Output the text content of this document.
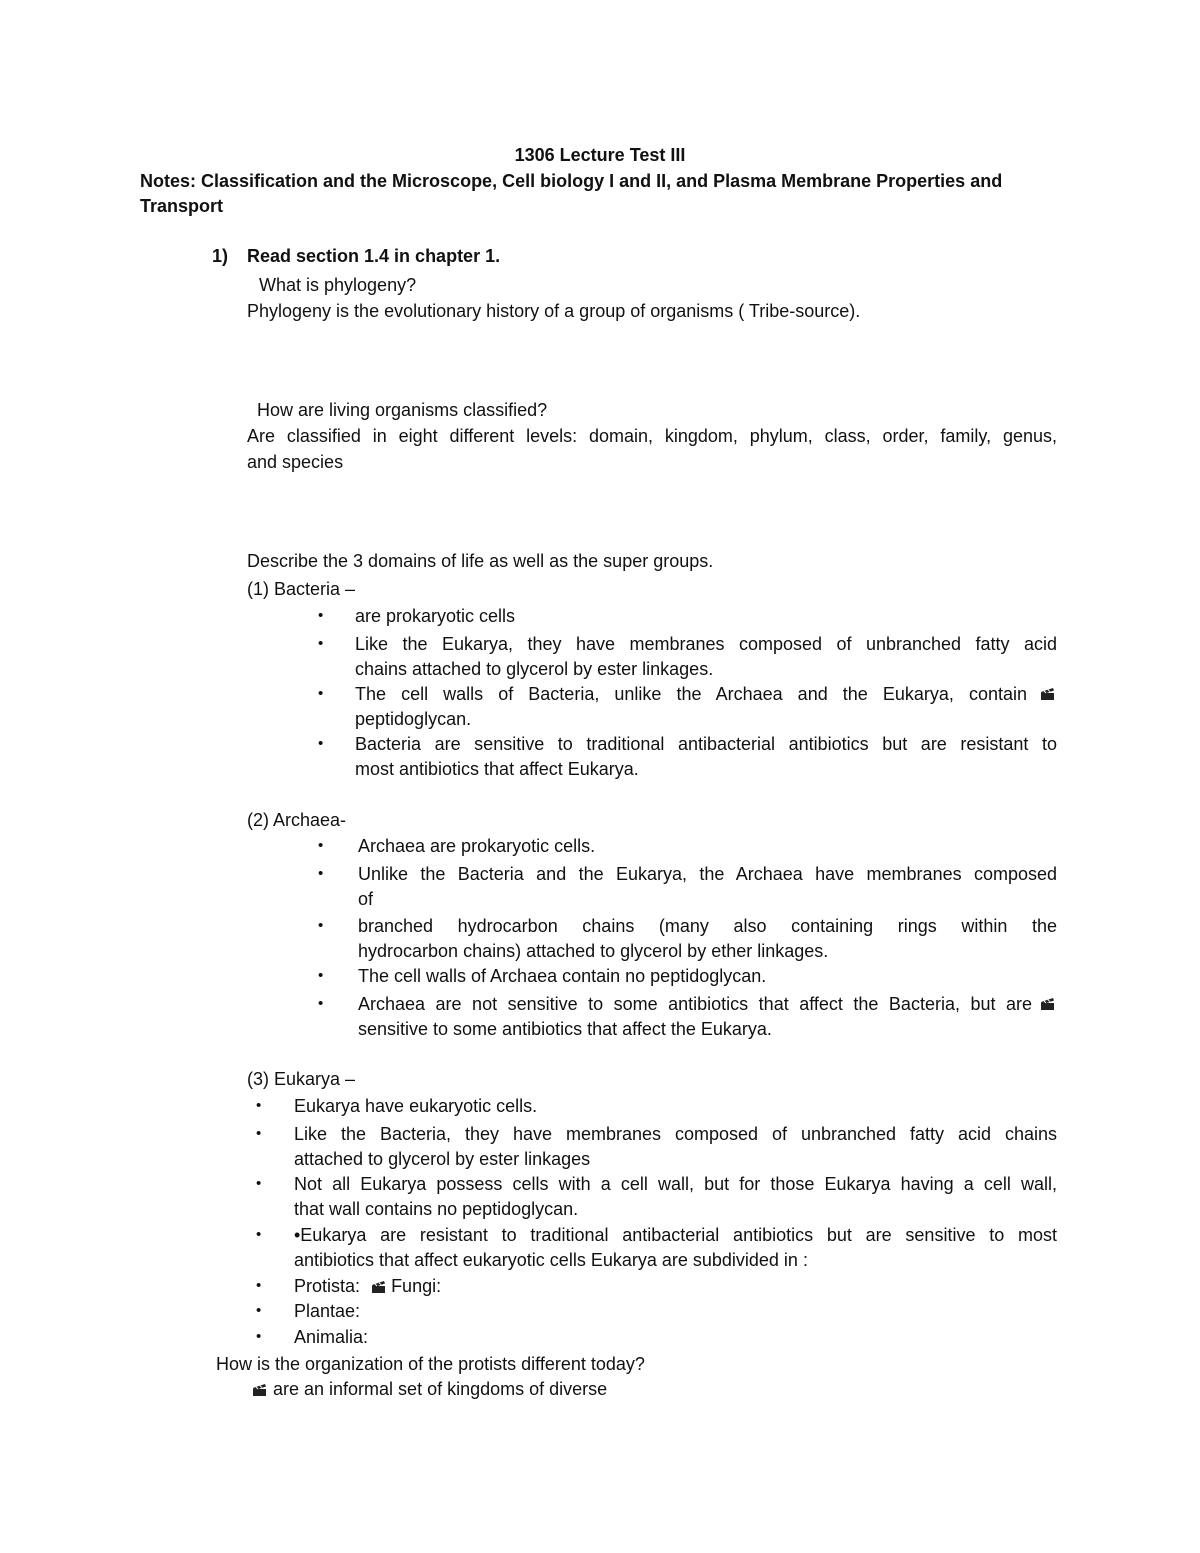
1306 Lecture Test III
Notes: Classification and the Microscope, Cell biology I and II, and Plasma Membrane Properties and
Transport
1) Read section 1.4 in chapter 1.
What is phylogeny?
Phylogeny is the evolutionary history of a group of organisms ( Tribe-source).
How are living organisms classified?
Are classified in eight different levels: domain, kingdom, phylum, class, order, family, genus,
and species
Describe the 3 domains of life as well as the super groups.
(1) Bacteria –
• are prokaryotic cells
• Like the Eukarya, they have membranes composed of unbranched fatty acid
chains attached to glycerol by ester linkages.
• The cell walls of Bacteria, unlike the Archaea and the Eukarya, contain
peptidoglycan.
• Bacteria are sensitive to traditional antibacterial antibiotics but are resistant to
most antibiotics that affect Eukarya.
(2) Archaea-
• Archaea are prokaryotic cells.
• Unlike the Bacteria and the Eukarya, the Archaea have membranes composed
of
• branched hydrocarbon chains (many also containing rings within the
hydrocarbon chains) attached to glycerol by ether linkages.
• The cell walls of Archaea contain no peptidoglycan.
• Archaea are not sensitive to some antibiotics that affect the Bacteria, but are
sensitive to some antibiotics that affect the Eukarya.
(3) Eukarya –
• Eukarya have eukaryotic cells.
• Like the Bacteria, they have membranes composed of unbranched fatty acid chains
attached to glycerol by ester linkages
• Not all Eukarya possess cells with a cell wall, but for those Eukarya having a cell wall,
that wall contains no peptidoglycan.
• •Eukarya are resistant to traditional antibacterial antibiotics but are sensitive to most
antibiotics that affect eukaryotic cells Eukarya are subdivided in :
• Protista: Fungi:
• Plantae:
• Animalia:
How is the organization of the protists different today?
are an informal set of kingdoms of diverse
